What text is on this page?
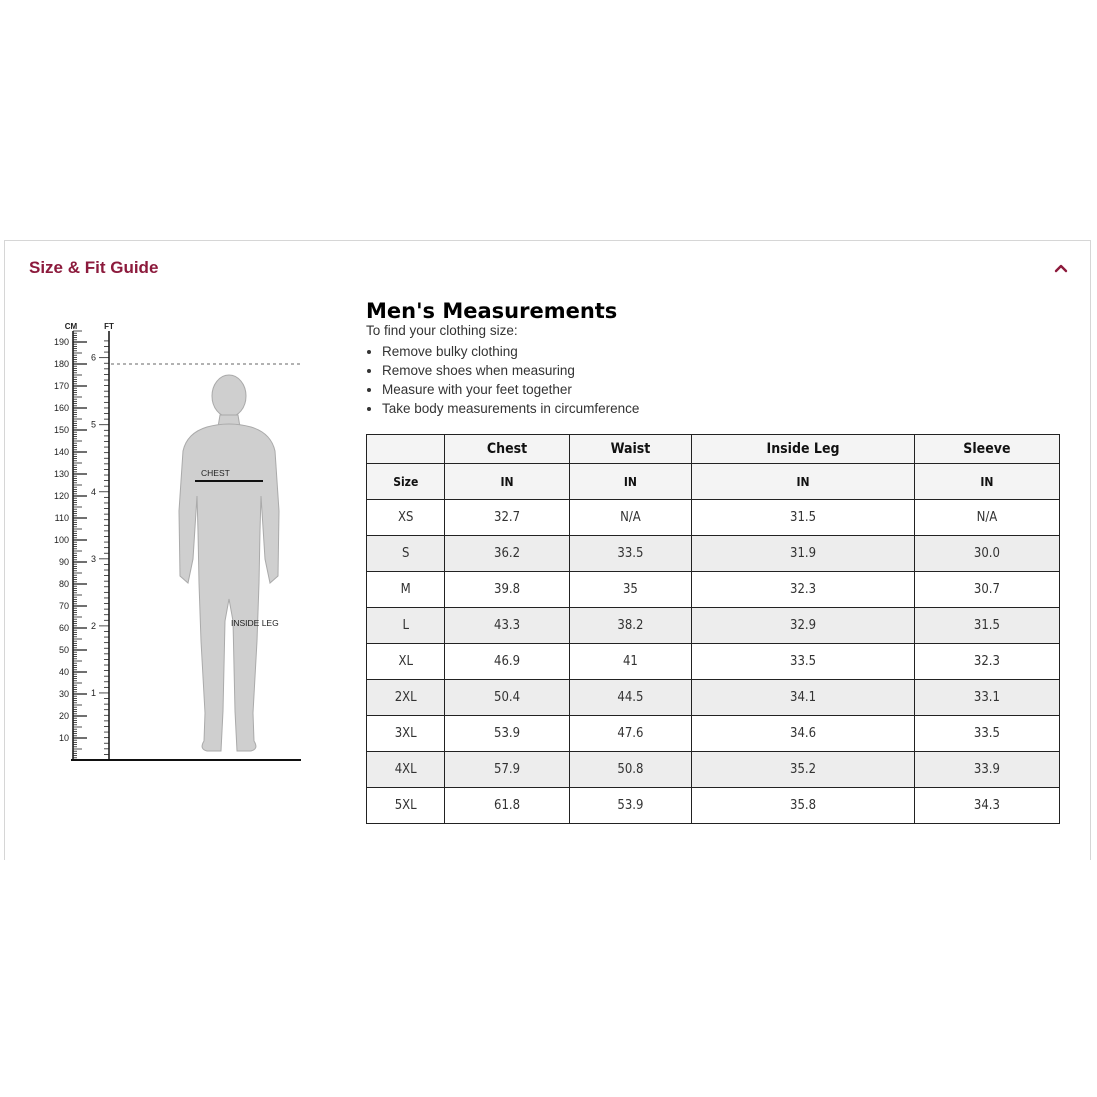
Size & Fit Guide
190
180
170
160
150
140
130
120
110
100
90
80
70
60
50
40
30
20
10
6
5
4
3
2
1
CM	FT
CHEST
INSIDE LEG
Men's Measurements
To find your clothing size:
• Remove bulky clothing
• Remove shoes when measuring
• Measure with your feet together
• Take body measurements in circumference
	Chest	Waist	Inside Leg	Sleeve
Size	IN	IN	IN	IN
XS	32.7	N/A	31.5	N/A
S	36.2	33.5	31.9	30.0
M	39.8	35	32.3	30.7
L	43.3	38.2	32.9	31.5
XL	46.9	41	33.5	32.3
2XL	50.4	44.5	34.1	33.1
3XL	53.9	47.6	34.6	33.5
4XL	57.9	50.8	35.2	33.9
5XL	61.8	53.9	35.8	34.3
